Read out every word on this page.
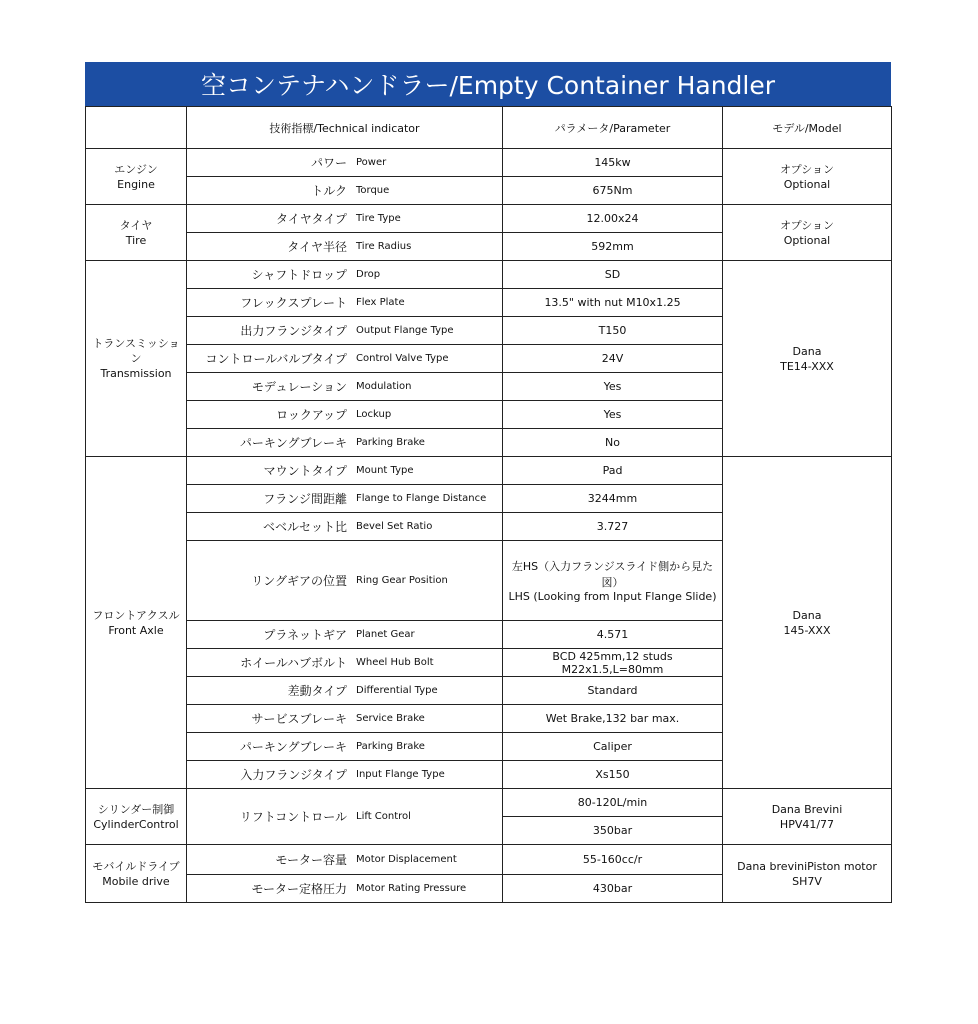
空コンテナハンドラー/Empty Container Handler
	技術指標/Technical indicator	パラメータ/Parameter	モデル/Model

エンジン
Engine	パワー Power	145kw	オプション
Optional

	トルク Torque	675Nm	

タイヤ
Tire	タイヤタイプ Tire Type	12.00x24	オプション
Optional

	タイヤ半径 Tire Radius	592mm	

トランスミッション
Transmission	シャフトドロップ Drop	SD	Dana
TE14-XXX

	フレックスプレート Flex Plate	13.5" with nut M10x1.25	

	出力フランジタイプ Output Flange Type	T150	

	コントロールバルブタイプ Control Valve Type	24V	

	モデュレーション Modulation	Yes	

	ロックアップ Lockup	Yes	

	パーキングブレーキ Parking Brake	No	

フロントアクスル
Front Axle	マウントタイプ Mount Type	Pad	Dana
145-XXX

	フランジ間距離 Flange to Flange Distance	3244mm	

	ベベルセット比 Bevel Set Ratio	3.727	

	リングギアの位置 Ring Gear Position	左HS（入力フランジスライド側から見た図）
LHS (Looking from Input Flange Slide)	

	プラネットギア Planet Gear	4.571	

	ホイールハブボルト Wheel Hub Bolt	BCD 425mm,12 studs M22x1.5,L=80mm	

	差動タイプ Differential Type	Standard	

	サービスブレーキ Service Brake	Wet Brake,132 bar max.	

	パーキングブレーキ Parking Brake	Caliper	

	入力フランジタイプ Input Flange Type	Xs150	

シリンダー制御
CylinderControl	リフトコントロール Lift Control	80-120L/min	Dana Brevini
HPV41/77

		350bar	

モバイルドライブ
Mobile drive	モーター容量 Motor Displacement	55-160cc/r	Dana breviniPiston motor SH7V

	モーター定格圧力 Motor Rating Pressure	430bar	
